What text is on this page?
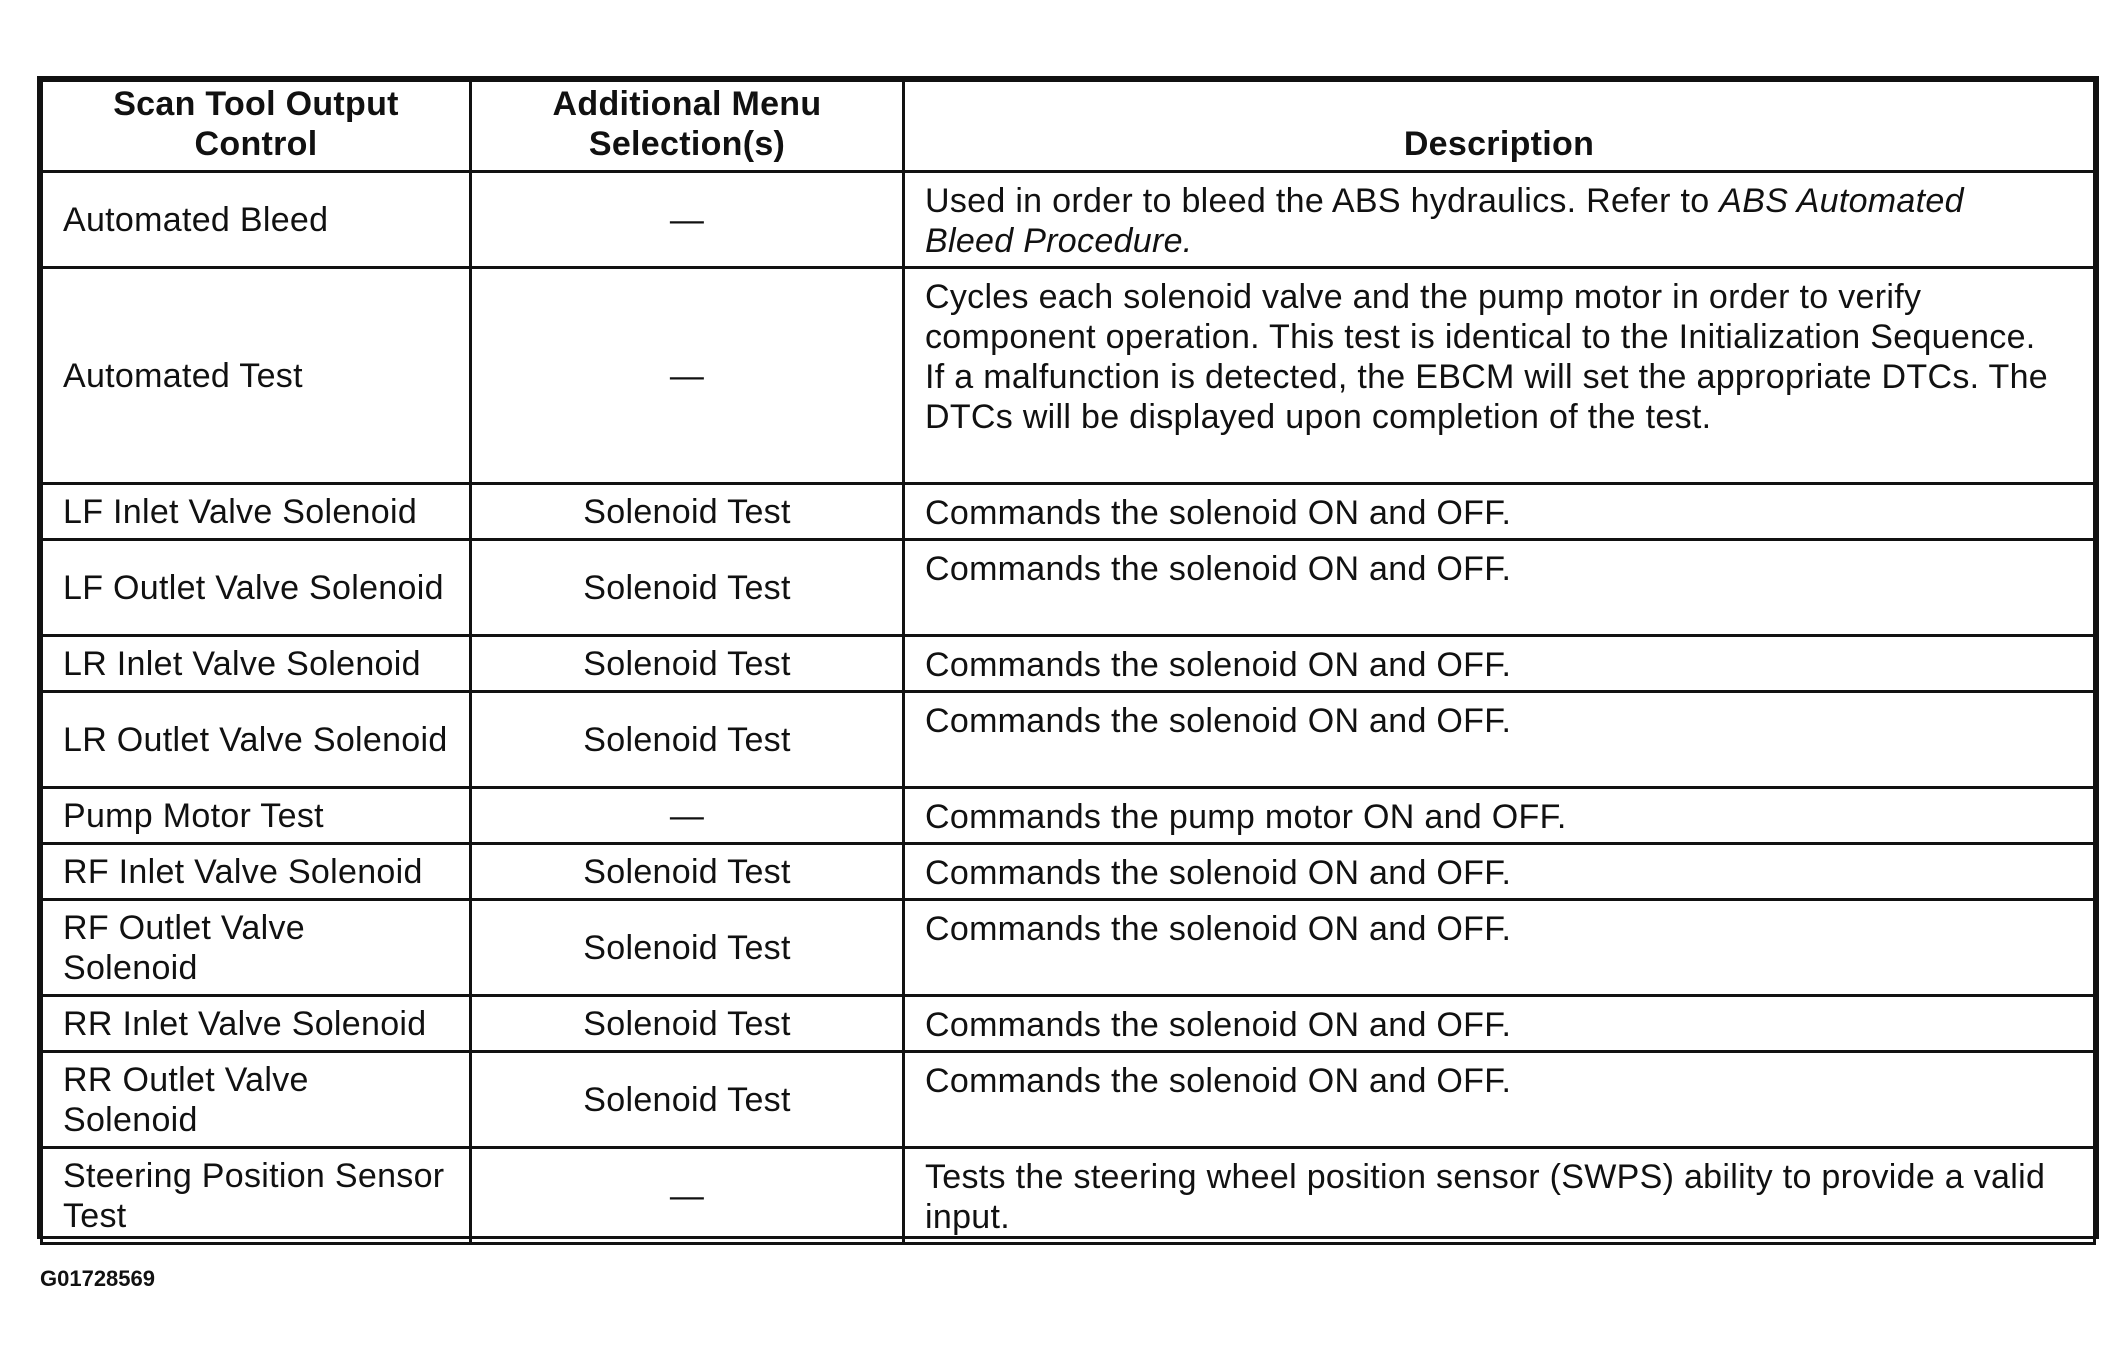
Scan Tool Output Control	Additional Menu Selection(s)	Description
Automated Bleed	—	Used in order to bleed the ABS hydraulics. Refer to ABS Automated Bleed Procedure.
Automated Test	—	Cycles each solenoid valve and the pump motor in order to verify component operation. This test is identical to the Initialization Sequence. If a malfunction is detected, the EBCM will set the appropriate DTCs. The DTCs will be displayed upon completion of the test.
LF Inlet Valve Solenoid	Solenoid Test	Commands the solenoid ON and OFF.
LF Outlet Valve Solenoid	Solenoid Test	Commands the solenoid ON and OFF.
LR Inlet Valve Solenoid	Solenoid Test	Commands the solenoid ON and OFF.
LR Outlet Valve Solenoid	Solenoid Test	Commands the solenoid ON and OFF.
Pump Motor Test	—	Commands the pump motor ON and OFF.
RF Inlet Valve Solenoid	Solenoid Test	Commands the solenoid ON and OFF.
RF Outlet Valve Solenoid	Solenoid Test	Commands the solenoid ON and OFF.
RR Inlet Valve Solenoid	Solenoid Test	Commands the solenoid ON and OFF.
RR Outlet Valve Solenoid	Solenoid Test	Commands the solenoid ON and OFF.
Steering Position Sensor Test	—	Tests the steering wheel position sensor (SWPS) ability to provide a valid input.
G01728569
